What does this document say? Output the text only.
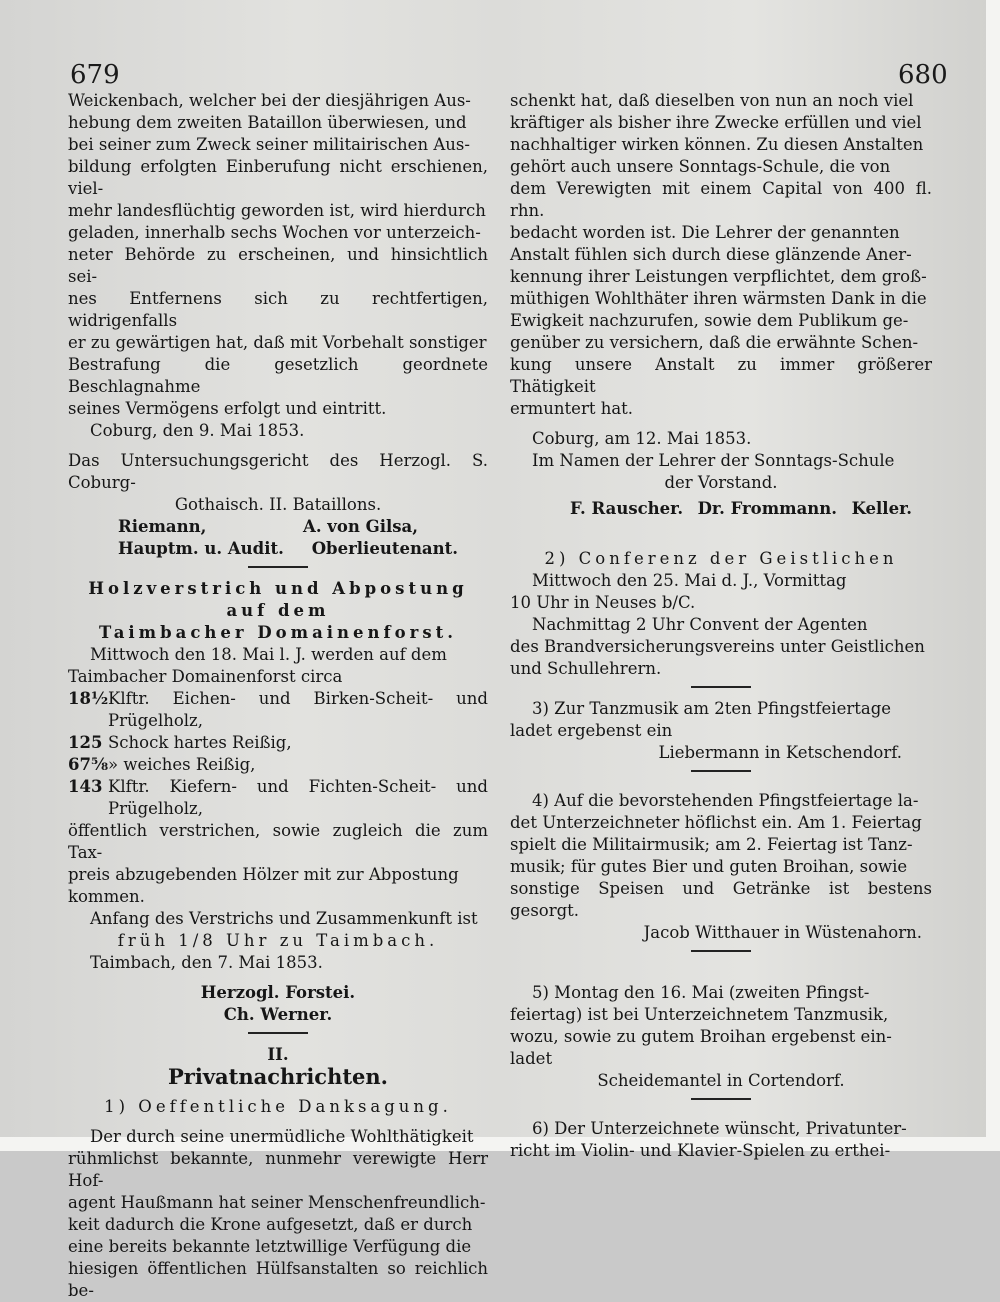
679	680

Weickenbach, welcher bei der diesjährigen Aus-
hebung dem zweiten Bataillon überwiesen, und
bei seiner zum Zweck seiner militairischen Aus-
bildung erfolgten Einberufung nicht erschienen, viel-
mehr landesflüchtig geworden ist, wird hierdurch
geladen, innerhalb sechs Wochen vor unterzeich-
neter Behörde zu erscheinen, und hinsichtlich sei-
nes Entfernens sich zu rechtfertigen, widrigenfalls
er zu gewärtigen hat, daß mit Vorbehalt sonstiger
Bestrafung die gesetzlich geordnete Beschlagnahme
seines Vermögens erfolgt und eintritt.

Coburg, den 9. Mai 1853.

Das Untersuchungsgericht des Herzogl. S. Coburg-

Gothaisch. II. Bataillons.

Riemann,	A. von Gilsa,
Hauptm. u. Audit. Oberlieutenant.

Holzverstrich und Abpostung auf dem

Taimbacher Domainenforst.

Mittwoch den 18. Mai l. J. werden auf dem

Taimbacher Domainenforst circa

18½ Klftr. Eichen- und Birken-Scheit- und Prügelholz,
125 Schock hartes Reißig,
67⅝ » weiches Reißig,
143 Klftr. Kiefern- und Fichten-Scheit- und Prügelholz,

öffentlich verstrichen, sowie zugleich die zum Tax-
preis abzugebenden Hölzer mit zur Abpostung
kommen.

Anfang des Verstrichs und Zusammenkunft ist

früh 1/8 Uhr zu Taimbach.

Taimbach, den 7. Mai 1853.

Herzogl. Forstei.

Ch. Werner.

II.

Privatnachrichten.

1) Oeffentliche Danksagung.

Der durch seine unermüdliche Wohlthätigkeit
rühmlichst bekannte, nunmehr verewigte Herr Hof-
agent Haußmann hat seiner Menschenfreundlich-
keit dadurch die Krone aufgesetzt, daß er durch
eine bereits bekannte letztwillige Verfügung die
hiesigen öffentlichen Hülfsanstalten so reichlich be-

schenkt hat, daß dieselben von nun an noch viel
kräftiger als bisher ihre Zwecke erfüllen und viel
nachhaltiger wirken können. Zu diesen Anstalten
gehört auch unsere Sonntags-Schule, die von
dem Verewigten mit einem Capital von 400 fl. rhn.
bedacht worden ist. Die Lehrer der genannten
Anstalt fühlen sich durch diese glänzende Aner-
kennung ihrer Leistungen verpflichtet, dem groß-
müthigen Wohlthäter ihren wärmsten Dank in die
Ewigkeit nachzurufen, sowie dem Publikum ge-
genüber zu versichern, daß die erwähnte Schen-
kung unsere Anstalt zu immer größerer Thätigkeit
ermuntert hat.

Coburg, am 12. Mai 1853.

Im Namen der Lehrer der Sonntags-Schule

der Vorstand.

F. Rauscher. Dr. Frommann. Keller.

2) Conferenz der Geistlichen

Mittwoch den 25. Mai d. J., Vormittag

10 Uhr in Neuses b/C.

Nachmittag 2 Uhr Convent der Agenten

des Brandversicherungsvereins unter Geistlichen

und Schullehrern.

3) Zur Tanzmusik am 2ten Pfingstfeiertage

ladet ergebenst ein

Liebermann in Ketschendorf.

4) Auf die bevorstehenden Pfingstfeiertage la-
det Unterzeichneter höflichst ein. Am 1. Feiertag
spielt die Militairmusik; am 2. Feiertag ist Tanz-
musik; für gutes Bier und guten Broihan, sowie
sonstige Speisen und Getränke ist bestens gesorgt.

Jacob Witthauer in Wüstenahorn.

5) Montag den 16. Mai (zweiten Pfingst-
feiertag) ist bei Unterzeichnetem Tanzmusik,
wozu, sowie zu gutem Broihan ergebenst ein-
ladet

Scheidemantel in Cortendorf.

6) Der Unterzeichnete wünscht, Privatunter-

richt im Violin- und Klavier-Spielen zu erthei-
